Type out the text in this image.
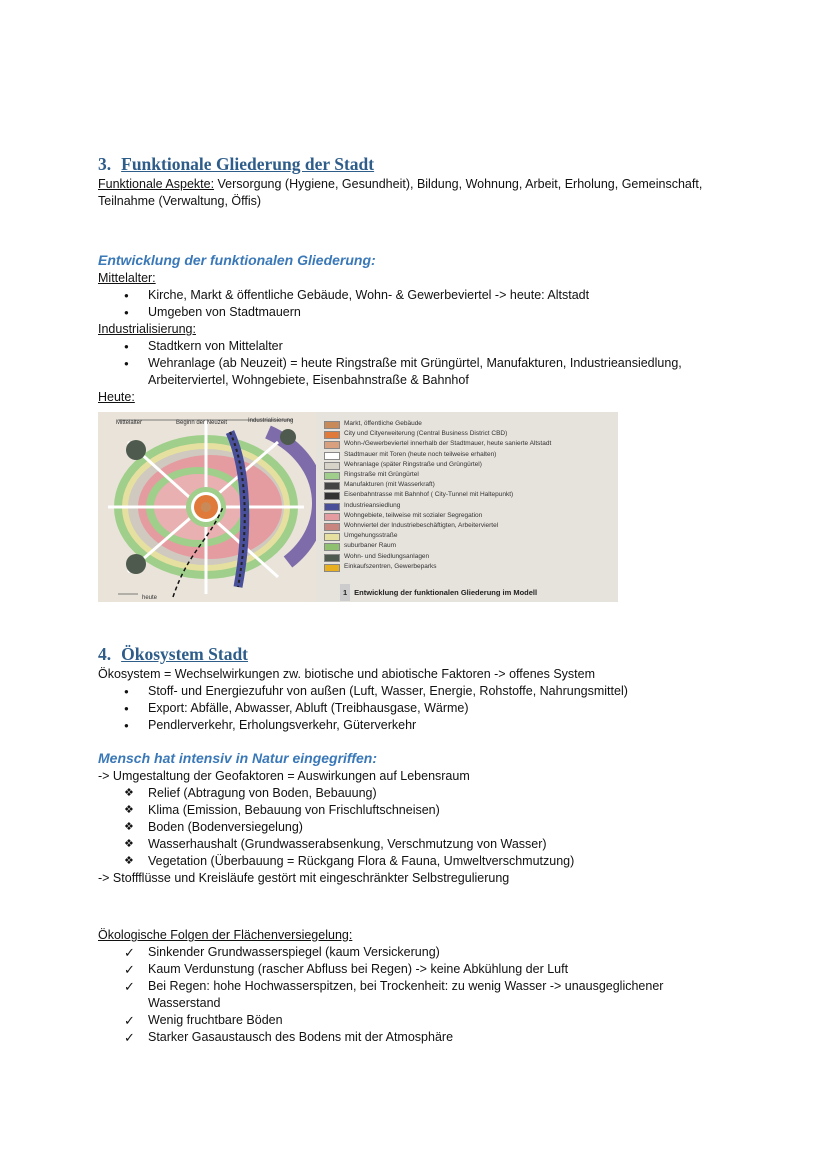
3. Funktionale Gliederung der Stadt

Funktionale Aspekte: Versorgung (Hygiene, Gesundheit), Bildung, Wohnung, Arbeit, Erholung, Gemeinschaft, Teilnahme (Verwaltung, Öffis)

Entwicklung der funktionalen Gliederung:

Mittelalter:

● Kirche, Markt & öffentliche Gebäude, Wohn- & Gewerbeviertel -> heute: Altstadt
● Umgeben von Stadtmauern

Industrialisierung:

● Stadtkern von Mittelalter
● Wehranlage (ab Neuzeit) = heute Ringstraße mit Grüngürtel, Manufakturen, Industrieansiedlung, Arbeiterviertel, Wohngebiete, Eisenbahnstraße & Bahnhof

Heute:

Mittelalter	Beginn der Neuzeit	Industrialisierung
heute
Markt, öffentliche Gebäude
City und Cityerweiterung (Central Business District CBD)
Wohn-/Gewerbeviertel innerhalb der Stadtmauer, heute sanierte Altstadt
Stadtmauer mit Toren (heute noch teilweise erhalten)
Wehranlage (später Ringstraße und Grüngürtel)
Ringstraße mit Grüngürtel
Manufakturen (mit Wasserkraft)
Eisenbahntrasse mit Bahnhof ( City-Tunnel mit Haltepunkt)
Industrieansiedlung
Wohngebiete, teilweise mit sozialer Segregation
Wohnviertel der Industriebeschäftigten, Arbeiterviertel
Umgehungsstraße
suburbaner Raum
Wohn- und Siedlungsanlagen
Einkaufszentren, Gewerbeparks
1 Entwicklung der funktionalen Gliederung im Modell
4. Ökosystem Stadt

Ökosystem = Wechselwirkungen zw. biotische und abiotische Faktoren -> offenes System

● Stoff- und Energiezufuhr von außen (Luft, Wasser, Energie, Rohstoffe, Nahrungsmittel)
● Export: Abfälle, Abwasser, Abluft (Treibhausgase, Wärme)
● Pendlerverkehr, Erholungsverkehr, Güterverkehr
Mensch hat intensiv in Natur eingegriffen:

-> Umgestaltung der Geofaktoren = Auswirkungen auf Lebensraum

❖ Relief (Abtragung von Boden, Bebauung)
❖ Klima (Emission, Bebauung von Frischluftschneisen)
❖ Boden (Bodenversiegelung)
❖ Wasserhaushalt (Grundwasserabsenkung, Verschmutzung von Wasser)
❖ Vegetation (Überbauung = Rückgang Flora & Fauna, Umweltverschmutzung)

-> Stoffflüsse und Kreisläufe gestört mit eingeschränkter Selbstregulierung

Ökologische Folgen der Flächenversiegelung:

✓ Sinkender Grundwasserspiegel (kaum Versickerung)
✓ Kaum Verdunstung (rascher Abfluss bei Regen) -> keine Abkühlung der Luft
✓ Bei Regen: hohe Hochwasserspitzen, bei Trockenheit: zu wenig Wasser -> unausgeglichener Wasserstand
✓ Wenig fruchtbare Böden
✓ Starker Gasaustausch des Bodens mit der Atmosphäre
